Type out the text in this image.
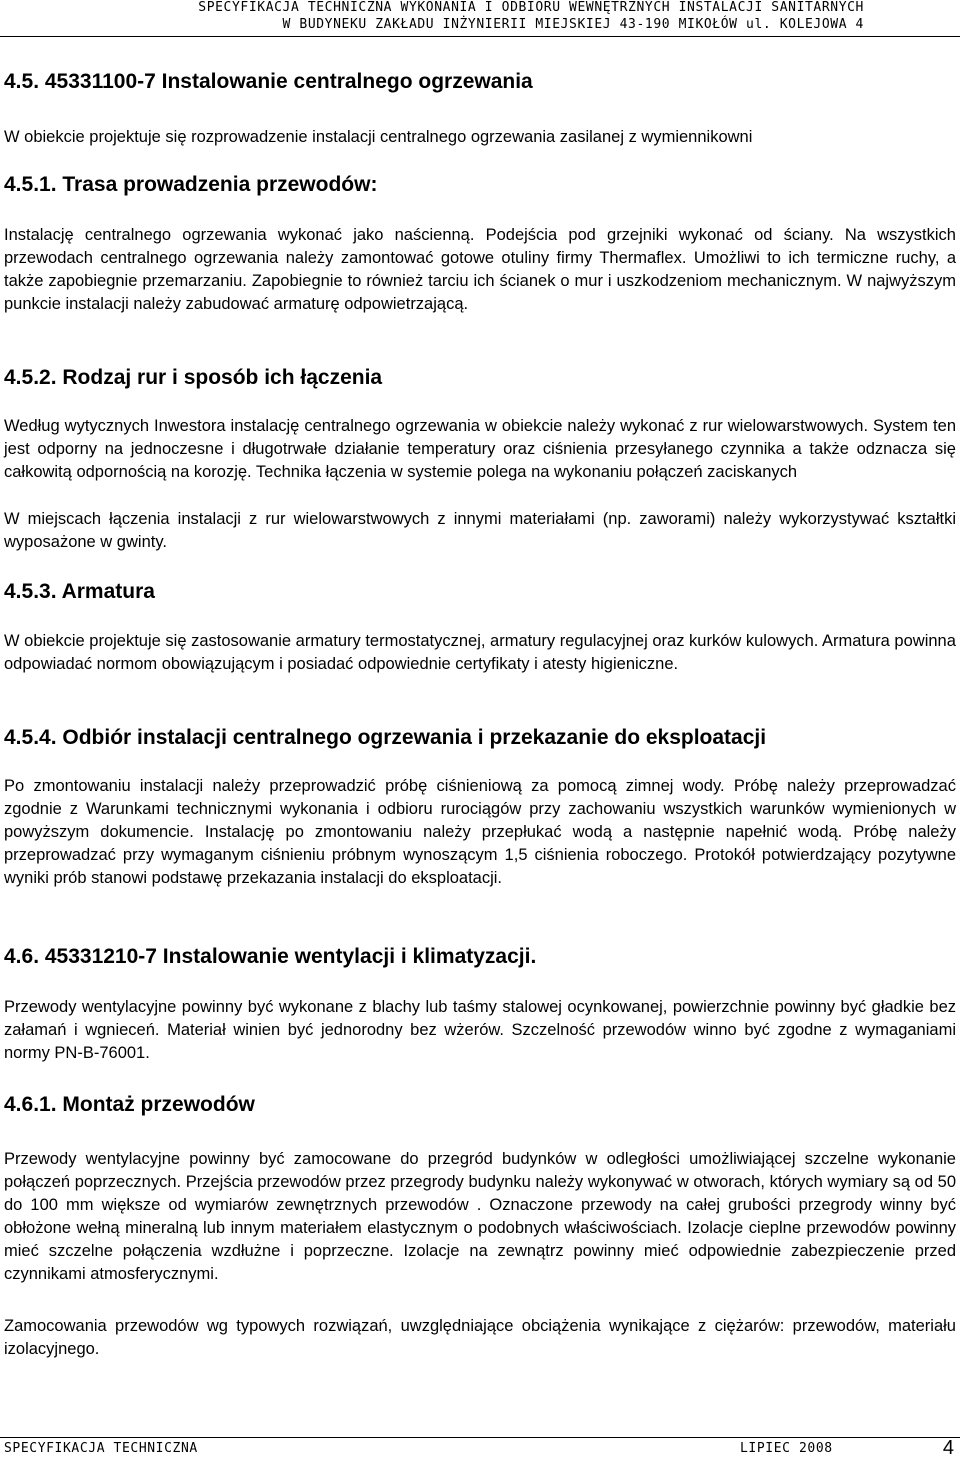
SPECYFIKACJA TECHNICZNA WYKONANIA I ODBIORU WEWNĘTRZNYCH INSTALACJI SANITARNYCH
W BUDYNEKU ZAKŁADU INŻYNIERII MIEJSKIEJ 43-190 MIKOŁÓW ul. KOLEJOWA 4
4.5. 45331100-7 Instalowanie centralnego ogrzewania
W obiekcie projektuje się rozprowadzenie instalacji centralnego ogrzewania zasilanej z wymiennikowni
4.5.1. Trasa prowadzenia przewodów:
Instalację centralnego ogrzewania wykonać jako naścienną. Podejścia pod grzejniki wykonać od ściany. Na wszystkich przewodach centralnego ogrzewania należy zamontować gotowe otuliny firmy Thermaflex. Umożliwi to ich termiczne ruchy, a także zapobiegnie przemarzaniu. Zapobiegnie to również tarciu ich ścianek o mur i uszkodzeniom mechanicznym. W najwyższym punkcie instalacji należy zabudować armaturę odpowietrzającą.
4.5.2. Rodzaj rur i sposób ich łączenia
Według wytycznych Inwestora instalację centralnego ogrzewania w obiekcie należy wykonać z rur wielowarstwowych. System ten jest odporny na jednoczesne i długotrwałe działanie temperatury oraz ciśnienia przesyłanego czynnika a także odznacza się całkowitą odpornością na korozję. Technika łączenia w systemie polega na wykonaniu połączeń zaciskanych
W miejscach łączenia instalacji z rur wielowarstwowych z innymi materiałami (np. zaworami) należy wykorzystywać kształtki wyposażone w gwinty.
4.5.3. Armatura
W obiekcie projektuje się zastosowanie armatury termostatycznej, armatury regulacyjnej oraz kurków kulowych. Armatura powinna odpowiadać normom obowiązującym i posiadać odpowiednie certyfikaty i atesty higieniczne.
4.5.4. Odbiór instalacji centralnego ogrzewania i przekazanie do eksploatacji
Po zmontowaniu instalacji należy przeprowadzić próbę ciśnieniową za pomocą zimnej wody. Próbę należy przeprowadzać zgodnie z Warunkami technicznymi wykonania i odbioru rurociągów przy zachowaniu wszystkich warunków wymienionych w powyższym dokumencie. Instalację po zmontowaniu należy przepłukać wodą a następnie napełnić wodą. Próbę należy przeprowadzać przy wymaganym ciśnieniu próbnym wynoszącym 1,5 ciśnienia roboczego. Protokół potwierdzający pozytywne wyniki prób stanowi podstawę przekazania instalacji do eksploatacji.
4.6. 45331210-7 Instalowanie wentylacji i klimatyzacji.
Przewody wentylacyjne powinny być wykonane z blachy lub taśmy stalowej ocynkowanej, powierzchnie powinny być gładkie bez załamań i wgnieceń. Materiał winien być jednorodny bez wżerów. Szczelność przewodów winno być zgodne z wymaganiami normy PN-B-76001.
4.6.1. Montaż przewodów
Przewody wentylacyjne powinny być zamocowane do przegród budynków w odległości umożliwiającej szczelne wykonanie połączeń poprzecznych. Przejścia przewodów przez przegrody budynku należy wykonywać w otworach, których wymiary są od 50 do 100 mm większe od wymiarów zewnętrznych przewodów . Oznaczone przewody na całej grubości przegrody winny być obłożone wełną mineralną lub innym materiałem elastycznym o podobnych właściwościach. Izolacje cieplne przewodów powinny mieć szczelne połączenia wzdłużne i poprzeczne. Izolacje na zewnątrz powinny mieć odpowiednie zabezpieczenie przed czynnikami atmosferycznymi.
Zamocowania przewodów wg typowych rozwiązań, uwzględniające obciążenia wynikające z ciężarów: przewodów, materiału izolacyjnego.
SPECYFIKACJA TECHNICZNA	LIPIEC 2008	4
